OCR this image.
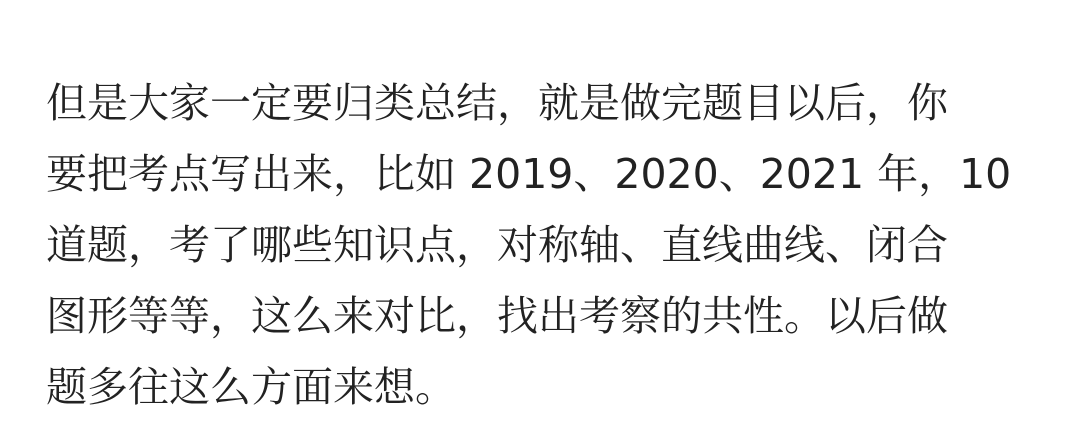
但是大家一定要归类总结，就是做完题目以后，你
要把考点写出来，比如 2019、2020、2021 年，10
道题，考了哪些知识点，对称轴、直线曲线、闭合
图形等等，这么来对比，找出考察的共性。以后做
题多往这么方面来想。
